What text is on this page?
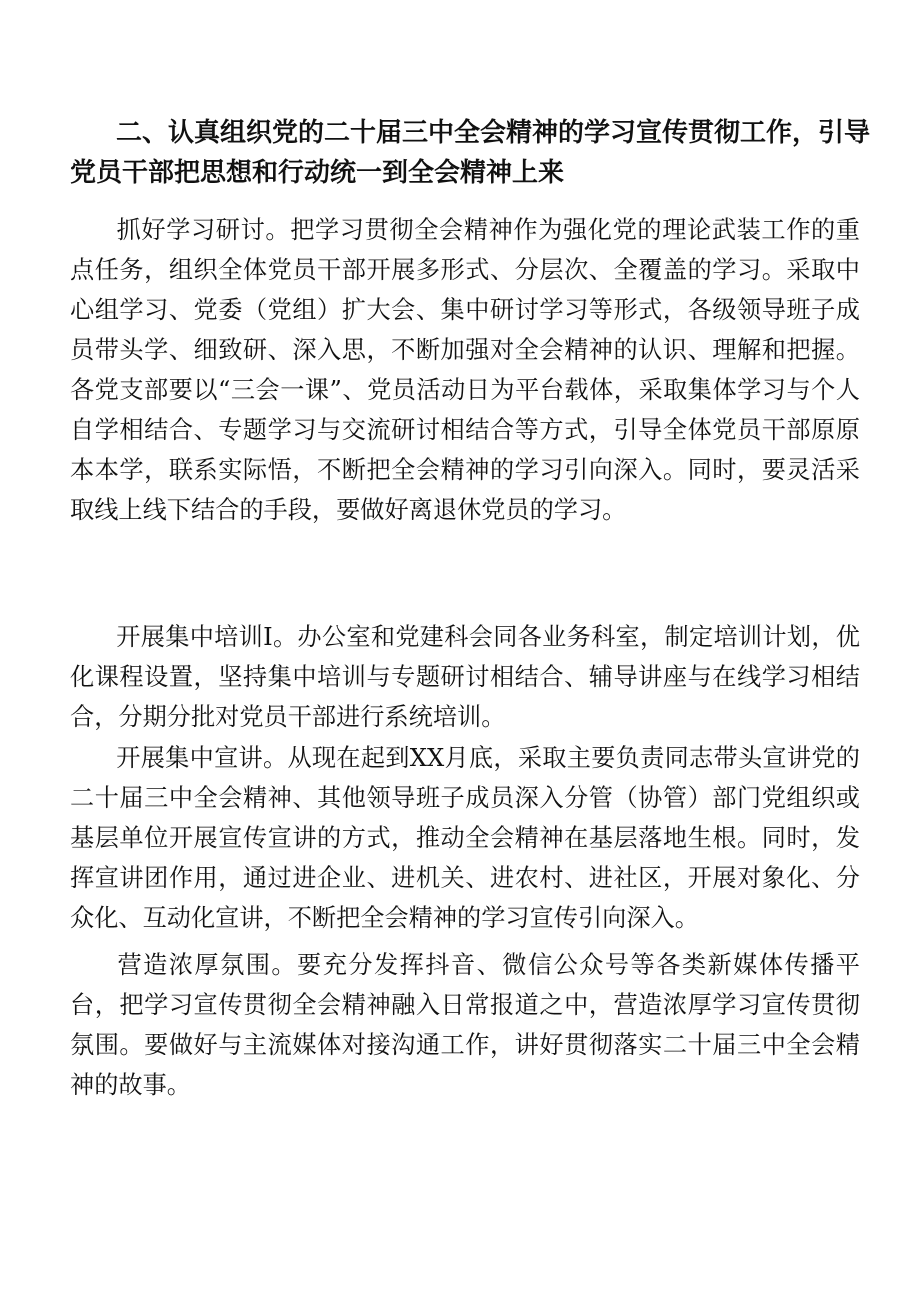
二、认真组织党的二十届三中全会精神的学习宣传贯彻工作，引导党员干部把思想和行动统一到全会精神上来

抓好学习研讨。把学习贯彻全会精神作为强化党的理论武装工作的重点任务，组织全体党员干部开展多形式、分层次、全覆盖的学习。采取中心组学习、党委（党组）扩大会、集中研讨学习等形式，各级领导班子成员带头学、细致研、深入思，不断加强对全会精神的认识、理解和把握。各党支部要以“三会一课”、党员活动日为平台载体，采取集体学习与个人自学相结合、专题学习与交流研讨相结合等方式，引导全体党员干部原原本本学，联系实际悟，不断把全会精神的学习引向深入。同时，要灵活采取线上线下结合的手段，要做好离退休党员的学习。

开展集中培训I。办公室和党建科会同各业务科室，制定培训计划，优化课程设置，坚持集中培训与专题研讨相结合、辅导讲座与在线学习相结合，分期分批对党员干部进行系统培训。

开展集中宣讲。从现在起到XX月底，采取主要负责同志带头宣讲党的二十届三中全会精神、其他领导班子成员深入分管（协管）部门党组织或基层单位开展宣传宣讲的方式，推动全会精神在基层落地生根。同时，发挥宣讲团作用，通过进企业、进机关、进农村、进社区，开展对象化、分众化、互动化宣讲，不断把全会精神的学习宣传引向深入。

营造浓厚氛围。要充分发挥抖音、微信公众号等各类新媒体传播平台，把学习宣传贯彻全会精神融入日常报道之中，营造浓厚学习宣传贯彻氛围。要做好与主流媒体对接沟通工作，讲好贯彻落实二十届三中全会精神的故事。
